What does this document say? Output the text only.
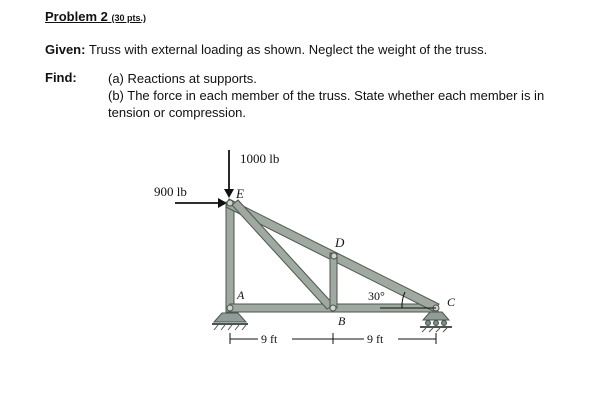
Problem 2 (30 pts.)
Given: Truss with external loading as shown. Neglect the weight of the truss.
Find: (a) Reactions at supports.
(b) The force in each member of the truss. State whether each member is in
tension or compression.
1000 lb
900 lb
30°
E
D
A
B
C
9 ft	9 ft
